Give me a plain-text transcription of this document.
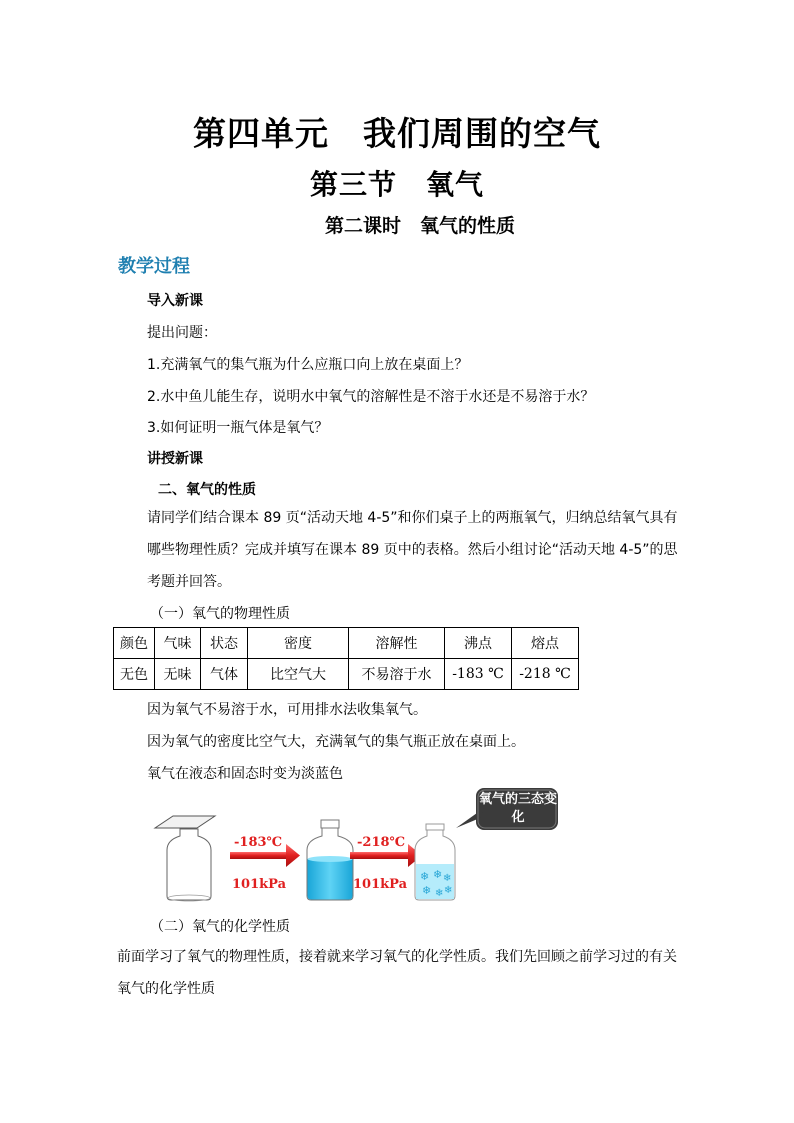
第四单元　我们周围的空气
第三节　氧气
第二课时　氧气的性质
教学过程
导入新课
提出问题：
1.充满氧气的集气瓶为什么应瓶口向上放在桌面上？
2.水中鱼儿能生存，说明水中氧气的溶解性是不溶于水还是不易溶于水？
3.如何证明一瓶气体是氧气？
讲授新课
二、氧气的性质
请同学们结合课本 89 页“活动天地 4-5”和你们桌子上的两瓶氧气，归纳总结氧气具有哪些物理性质？完成并填写在课本 89 页中的表格。然后小组讨论“活动天地 4-5”的思考题并回答。
（一）氧气的物理性质
颜色	气味	状态	密度	溶解性	沸点	熔点
无色	无味	气体	比空气大	不易溶于水	-183 ℃	-218 ℃
因为氧气不易溶于水，可用排水法收集氧气。
因为氧气的密度比空气大，充满氧气的集气瓶正放在桌面上。
氧气在液态和固态时变为淡蓝色
-183℃
101kPa
-218℃
101kPa
❄ ❄ ❄
❄ ❄ ❄
氧气的三态变化
（二）氧气的化学性质
前面学习了氧气的物理性质，接着就来学习氧气的化学性质。我们先回顾之前学习过的有关氧气的化学性质
